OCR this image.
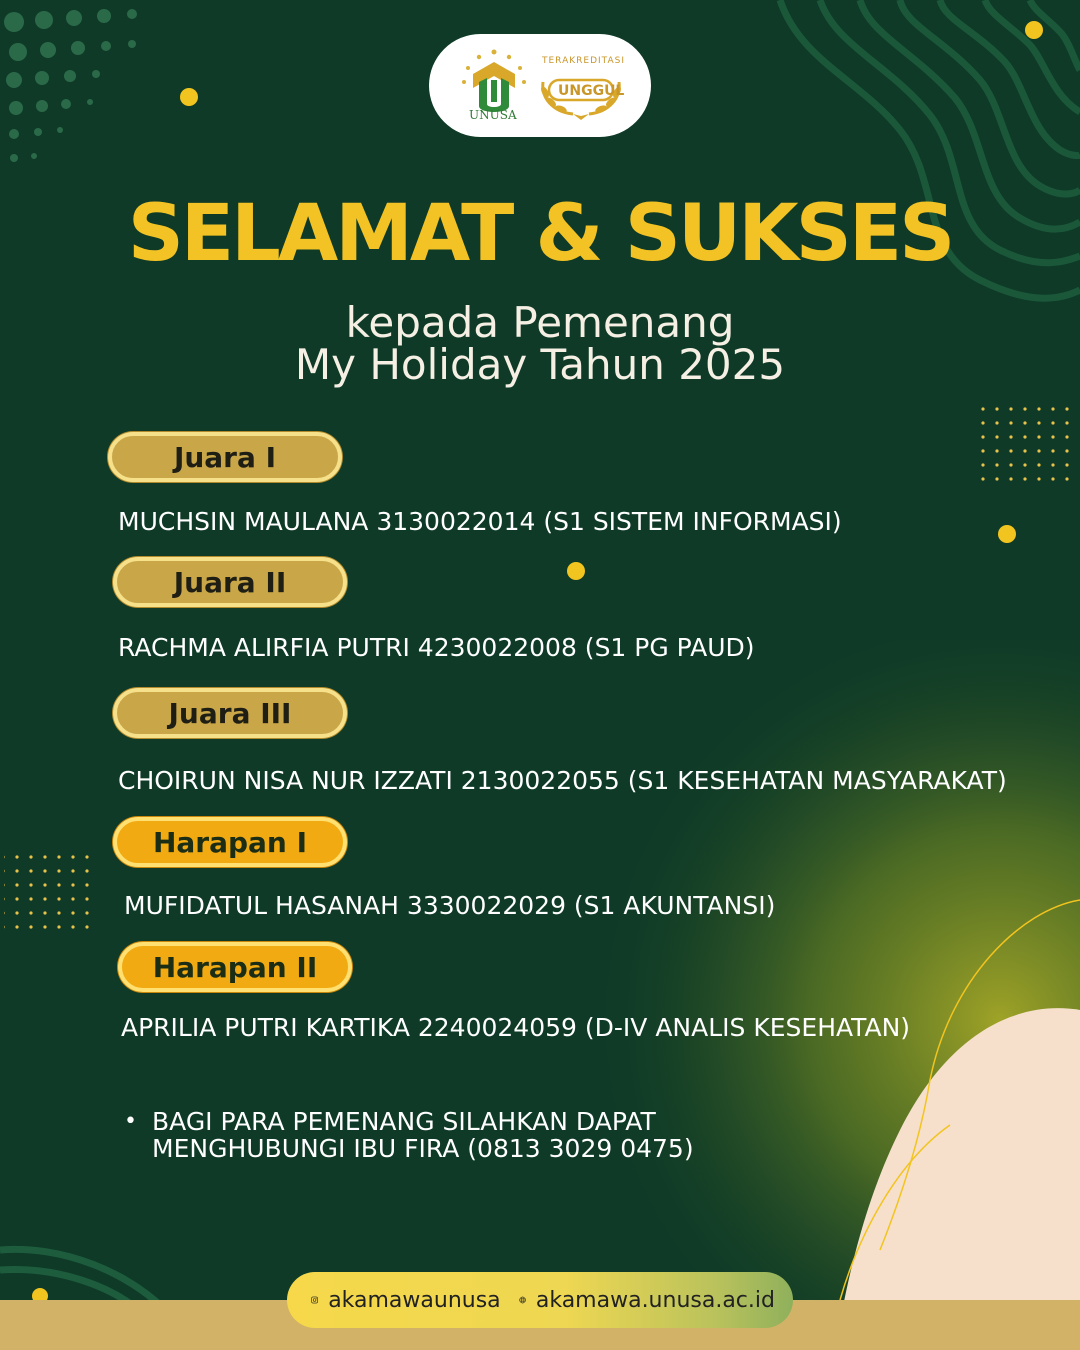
UNUSA
TERAKREDITASI
UNGGUL
SELAMAT & SUKSES
kepada Pemenang
My Holiday Tahun 2025
Juara I
MUCHSIN MAULANA 3130022014 (S1 SISTEM INFORMASI)
Juara II
RACHMA ALIRFIA PUTRI 4230022008 (S1 PG PAUD)
Juara III
CHOIRUN NISA NUR IZZATI 2130022055 (S1 KESEHATAN MASYARAKAT)
Harapan I
MUFIDATUL HASANAH 3330022029 (S1 AKUNTANSI)
Harapan II
APRILIA PUTRI KARTIKA 2240024059 (D-IV ANALIS KESEHATAN)
• BAGI PARA PEMENANG SILAHKAN DAPAT MENGHUBUNGI IBU FIRA (0813 3029 0475)
akamawaunusa akamawa.unusa.ac.id
